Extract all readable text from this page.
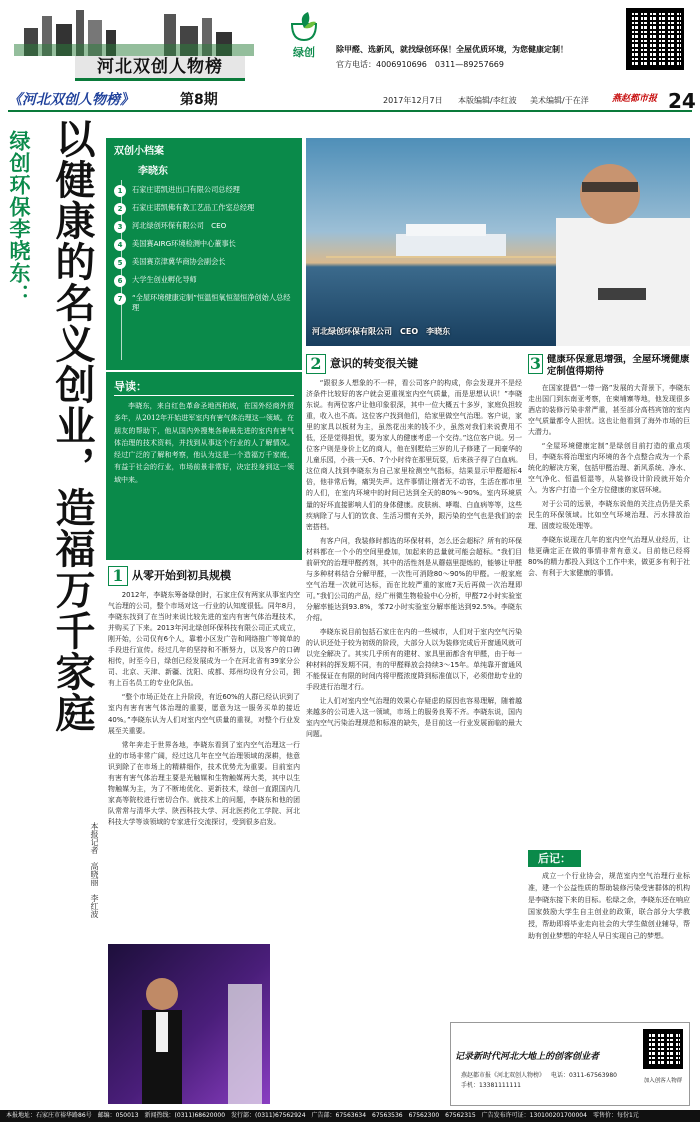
河北双创人物榜
绿创	除甲醛、选新风，就找绿创环保！全屋优质环境，为您健康定制！
官方电话：4006910696　0311—89257669
《河北双创人物榜》	第8期	2017年12月7日 本版编辑/李红波 美术编辑/于在洋	燕赵都市报 24
绿创环保李晓东： 以健康的名义创业，造福万千家庭
本报记者　高晓丽　李红波
双创小档案
李晓东
1	石家庄诺凯进出口有限公司总经理
2	石家庄诺凯佛有教工艺品工作室总经理
3	河北绿创环保有限公司　CEO
4	美国赛AIRG环境检测中心董事长
5	美国赛京津冀华商协会副会长
6	大学生创业孵化导师
7	“全屋环境健康定制”恒温恒氧恒湿恒净创始人总经理
导读：
李晓东，来自红色革命圣地西柏坡，在国外经商外贸多年，从2012年开始进军室内有害气体治理这一领域。在朋友的帮助下，他从国内外搜集各种最先进的室内有害气体治理的技术资料，并找到从事这个行业的人了解情况。经过广泛的了解和考察，他认为这是一个造福万千家庭，有益于社会的行业，市场前景非常好，决定投身到这一领域中来。
河北绿创环保有限公司　CEO　李晓东
1 从零开始到初具规模

2012年，李晓东筹备绿创时，石家庄仅有两家从事室内空气治理的公司，整个市场对这一行业的认知度很低。同年8月，李晓东找到了在当时来说比较先进的室内有害气体治理技术，并购买了下来。2013年河北绿创环保科技有限公司正式成立，刚开始，公司仅有6个人，靠着小区发广告和网络推广等简单的手段进行宣传。经过几年的坚持和不断努力，以及客户的口碑相传，时至今日，绿创已经发展成为一个在河北省有39家分公司、北京、天津、新疆、沈阳、成都、郑州均设有分公司，拥有上百名员工的专业化队伍。

“整个市场正处在上升阶段，有近60%的人群已经认识到了室内有害有害气体治理的重要，愿意为这一服务买单的接近40%。”李晓东认为人们对室内空气质量的重视，对整个行业发展至关重要。

常年奔走于世界各地，李晓东看到了室内空气治理这一行业的市场非常广阔，经过这几年在空气治理领域的深耕，他意识到除了在市场上的精耕细作，技术优势尤为重要。目前室内有害有害气体治理主要是光触媒和生物触媒两大类，其中以生物触媒为主，为了不断地优化、更新技术，绿创一直跟国内几家高等院校进行密切合作。就技术上的问题，李晓东和他的团队常常与清华大学、陕西科技大学、河北医药化工学院、河北科技大学等该领域的专家进行交流探讨，受到很多启发。

2 意识的转变很关键

“跟很多人想象的不一样，看公司客户的构成，你会发现并不是经济条件比较好的客户就会更重视室内空气质量，而是思想认识！”李晓东说。有两位客户让他印象很深，其中一位大概五十多岁，家庭负担较重，收入也不高。这位客户找到他们，给家里做空气治理。客户说，家里的家具以板材为主，虽然花出来的钱不少，虽然对我们来说费用不低，还是觉得担忧，要为家人的健康考虑一个交待。”这位客户说。另一位客户则是身价上亿的商人，他在别墅给三岁的儿子修建了一间豪华的儿童乐园，小孩一天6、7个小时待在那里玩耍，后来孩子得了白血病。这位商人找到李晓东为自己家里检测空气指标，结果显示甲醛超标4倍，他非常后悔，痛哭失声。这件事情让刚者无不动容，生活在都市里的人们，在室内环境中的时间已达到全天的80%～90%。室内环境质量的好坏直接影响人们的身体健康。皮肤病、哮喘、白血病等等，这些疾病除了与人们的饮食、生活习惯有关外，跟污染的空气也是我们的亲密搭档。

有客户问，我装修时都选的环保材料，怎么还会超标？所有的环保材料都在一个小的空间里叠加，加起来的总量就可能会超标。“我们目前研究的治理甲醛药剂，其中的活性剂是从蘑菇里提炼的，能够让甲醛与多种材料结合分解甲醛，一次性可消除80～90%的甲醛。一般家庭空气治理一次就可达标，而在比较严重的家庭7天后再做一次治理即可。”我们公司的产品，经广州微生物检验中心分析，甲醛72小时实验室分解率能达到93.8%，苯72小时实验室分解率能达到92.5%。李晓东介绍。

李晓东说目前包括石家庄在内的一些城市，人们对于室内空气污染的认识还处于较为初级的阶段，大部分人以为装修完成后开窗通风就可以完全解决了。其实几乎所有的建材、家具里面都含有甲醛，由于每一种材料的挥发期不同，有的甲醛释放会持续3～15年。单纯靠开窗通风不能保证在有限的时间内将甲醛浓度降到标准值以下，必须借助专业的手段进行治理才行。

让人们对室内空气治理的效果心存疑虑的原因也容易理解，随着越来越多的公司进入这一领域，市场上的服务良莠不齐。李晓东说，国内室内空气污染治理规范和标准的缺失，是目前这一行业发展面临的最大问题。

3 健康环保意思增强，全屋环境健康定制值得期待

在国家提倡“一带一路”发展的大背景下，李晓东走出国门到东南亚考察，在柬埔寨等地，他发现很多酒店的装修污染非常严重，甚至部分高档宾馆的室内空气质量都令人担忧。这也让他看到了海外市场的巨大潜力。

“全屋环境健康定制”是绿创目前打造的重点项目，李晓东将治理室内环境的各个点整合成为一个系统化的解决方案，包括甲醛治理、新风系统、净水、空气净化、恒温恒湿等，从装修设计阶段就开始介入，为客户打造一个全方位健康的家居环境。

对于公司的远景，李晓东说他的关注点仍是关系民生的环保领域。比如空气环境治理、污水排放治理、固废垃圾处理等。

李晓东说现在几年的室内空气治理从业经历，让他更确定正在做的事情非常有意义。目前他已经将80%的精力都投入到这个工作中来，做更多有利于社会、有利于大家健康的事情。

后记：
成立一个行业协会，规范室内空气治理行业标准，建一个公益性质的帮助装修污染受害群体的机构是李晓东接下来的目标。松绿之余，李晓东还在响应国家鼓励大学生自主创业的政策，联合部分大学教授，帮助即将毕业走向社会的大学生做创业辅导，帮助有创业梦想的年轻人早日实现自己的梦想。
记录新时代河北大地上的创客创业者
燕赵都市报《河北双创人物榜》 电话：0311-67563980
手机：13381111111
加入创客人物群
本报地址：石家庄市裕华路86号　邮编：050013　新闻热线：(0311)68620000　发行部：(0311)67562924　广告部：67563634　67563536　67562300　67562315　广告发布许可证：130100201700004　零售价：每份1元
